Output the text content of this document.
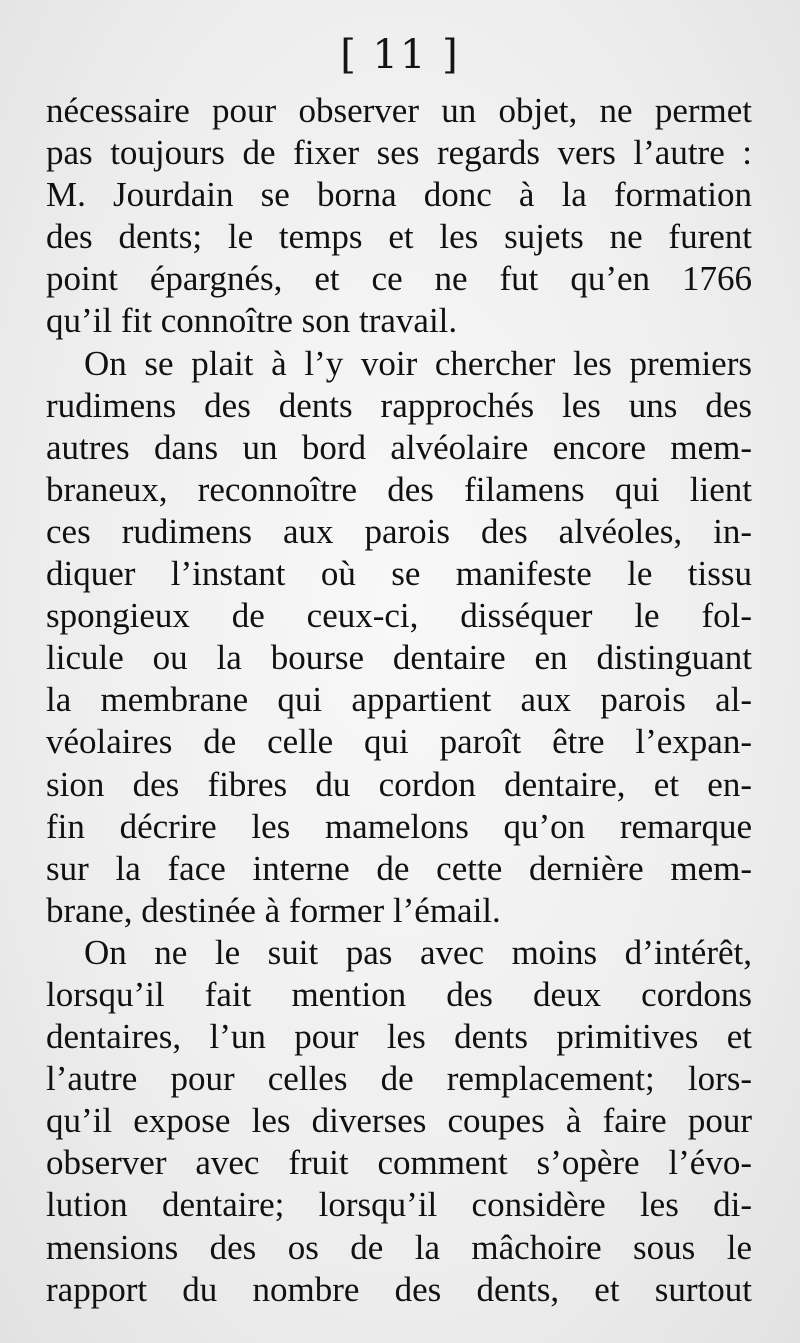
[ 11 ]
nécessaire pour observer un objet, ne permet
pas toujours de fixer ses regards vers l’autre :
M. Jourdain se borna donc à la formation
des dents; le temps et les sujets ne furent
point épargnés, et ce ne fut qu’en 1766
qu’il fit connoître son travail.
On se plait à l’y voir chercher les premiers
rudimens des dents rapprochés les uns des
autres dans un bord alvéolaire encore mem-
braneux, reconnoître des filamens qui lient
ces rudimens aux parois des alvéoles, in-
diquer l’instant où se manifeste le tissu
spongieux de ceux-ci, disséquer le fol-
licule ou la bourse dentaire en distinguant
la membrane qui appartient aux parois al-
véolaires de celle qui paroît être l’expan-
sion des fibres du cordon dentaire, et en-
fin décrire les mamelons qu’on remarque
sur la face interne de cette dernière mem-
brane, destinée à former l’émail.
On ne le suit pas avec moins d’intérêt,
lorsqu’il fait mention des deux cordons
dentaires, l’un pour les dents primitives et
l’autre pour celles de remplacement; lors-
qu’il expose les diverses coupes à faire pour
observer avec fruit comment s’opère l’évo-
lution dentaire; lorsqu’il considère les di-
mensions des os de la mâchoire sous le
rapport du nombre des dents, et surtout
